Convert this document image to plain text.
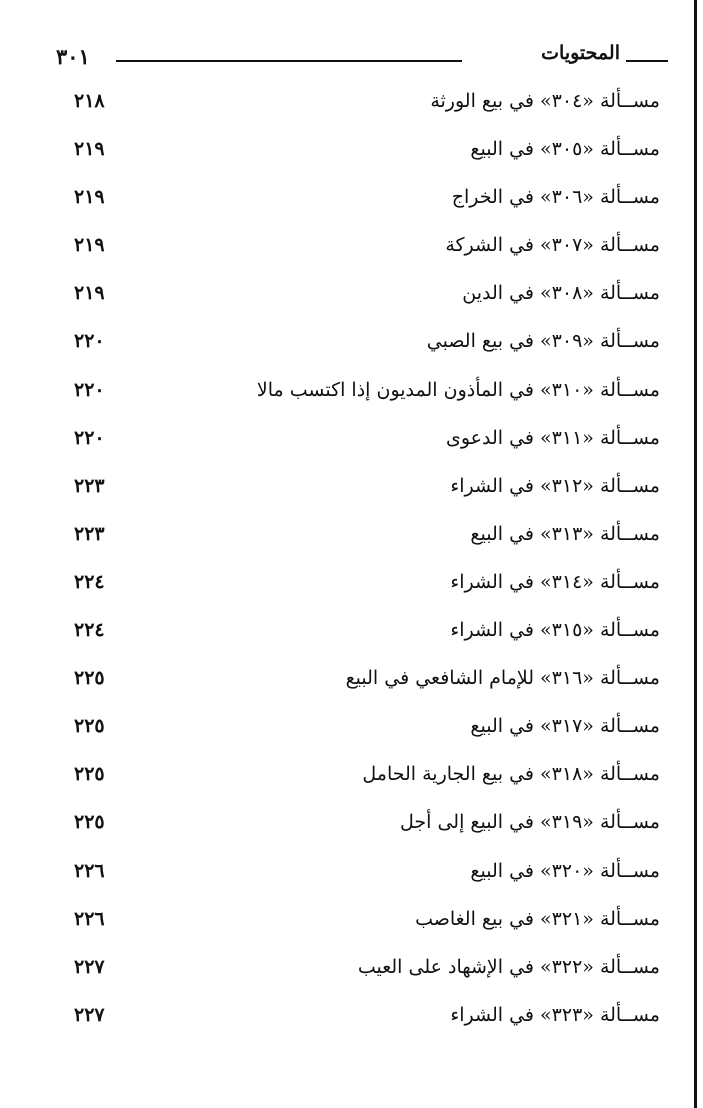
٣٠١	المحتويات
٢١٨	مســألة «٣٠٤» في بيع الورثة
٢١٩	مســألة «٣٠٥» في البيع
٢١٩	مســألة «٣٠٦» في الخراج
٢١٩	مســألة «٣٠٧» في الشركة
٢١٩	مســألة «٣٠٨» في الدين
٢٢٠	مســألة «٣٠٩» في بيع الصبي
٢٢٠	مســألة «٣١٠» في المأذون المديون إذا اكتسب مالا
٢٢٠	مســألة «٣١١» في الدعوى
٢٢٣	مســألة «٣١٢» في الشراء
٢٢٣	مســألة «٣١٣» في البيع
٢٢٤	مســألة «٣١٤» في الشراء
٢٢٤	مســألة «٣١٥» في الشراء
٢٢٥	مســألة «٣١٦» للإمام الشافعي في البيع
٢٢٥	مســألة «٣١٧» في البيع
٢٢٥	مســألة «٣١٨» في بيع الجارية الحامل
٢٢٥	مســألة «٣١٩» في البيع إلى أجل
٢٢٦	مســألة «٣٢٠» في البيع
٢٢٦	مســألة «٣٢١» في بيع الغاصب
٢٢٧	مســألة «٣٢٢» في الإشهاد على العيب
٢٢٧	مســألة «٣٢٣» في الشراء
